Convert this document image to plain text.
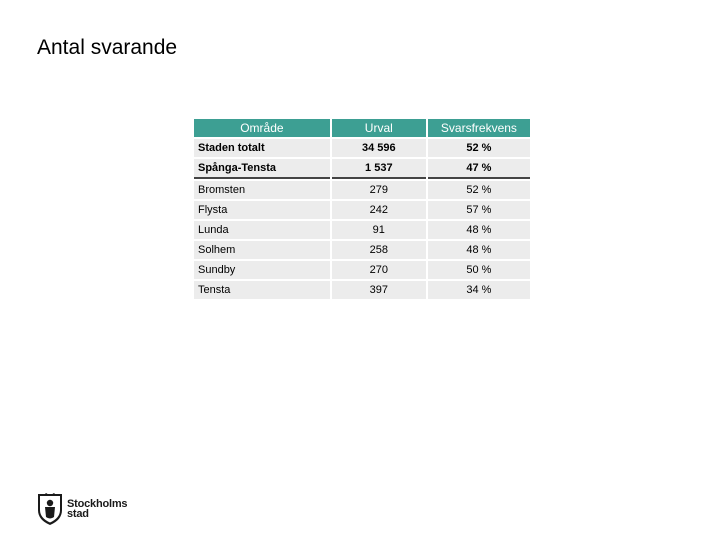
Antal svarande
Område	Urval	Svarsfrekvens
Staden totalt	34 596	52 %
Spånga-Tensta	1 537	47 %
Bromsten	279	52 %
Flysta	242	57 %
Lunda	91	48 %
Solhem	258	48 %
Sundby	270	50 %
Tensta	397	34 %
Stockholms
stad
